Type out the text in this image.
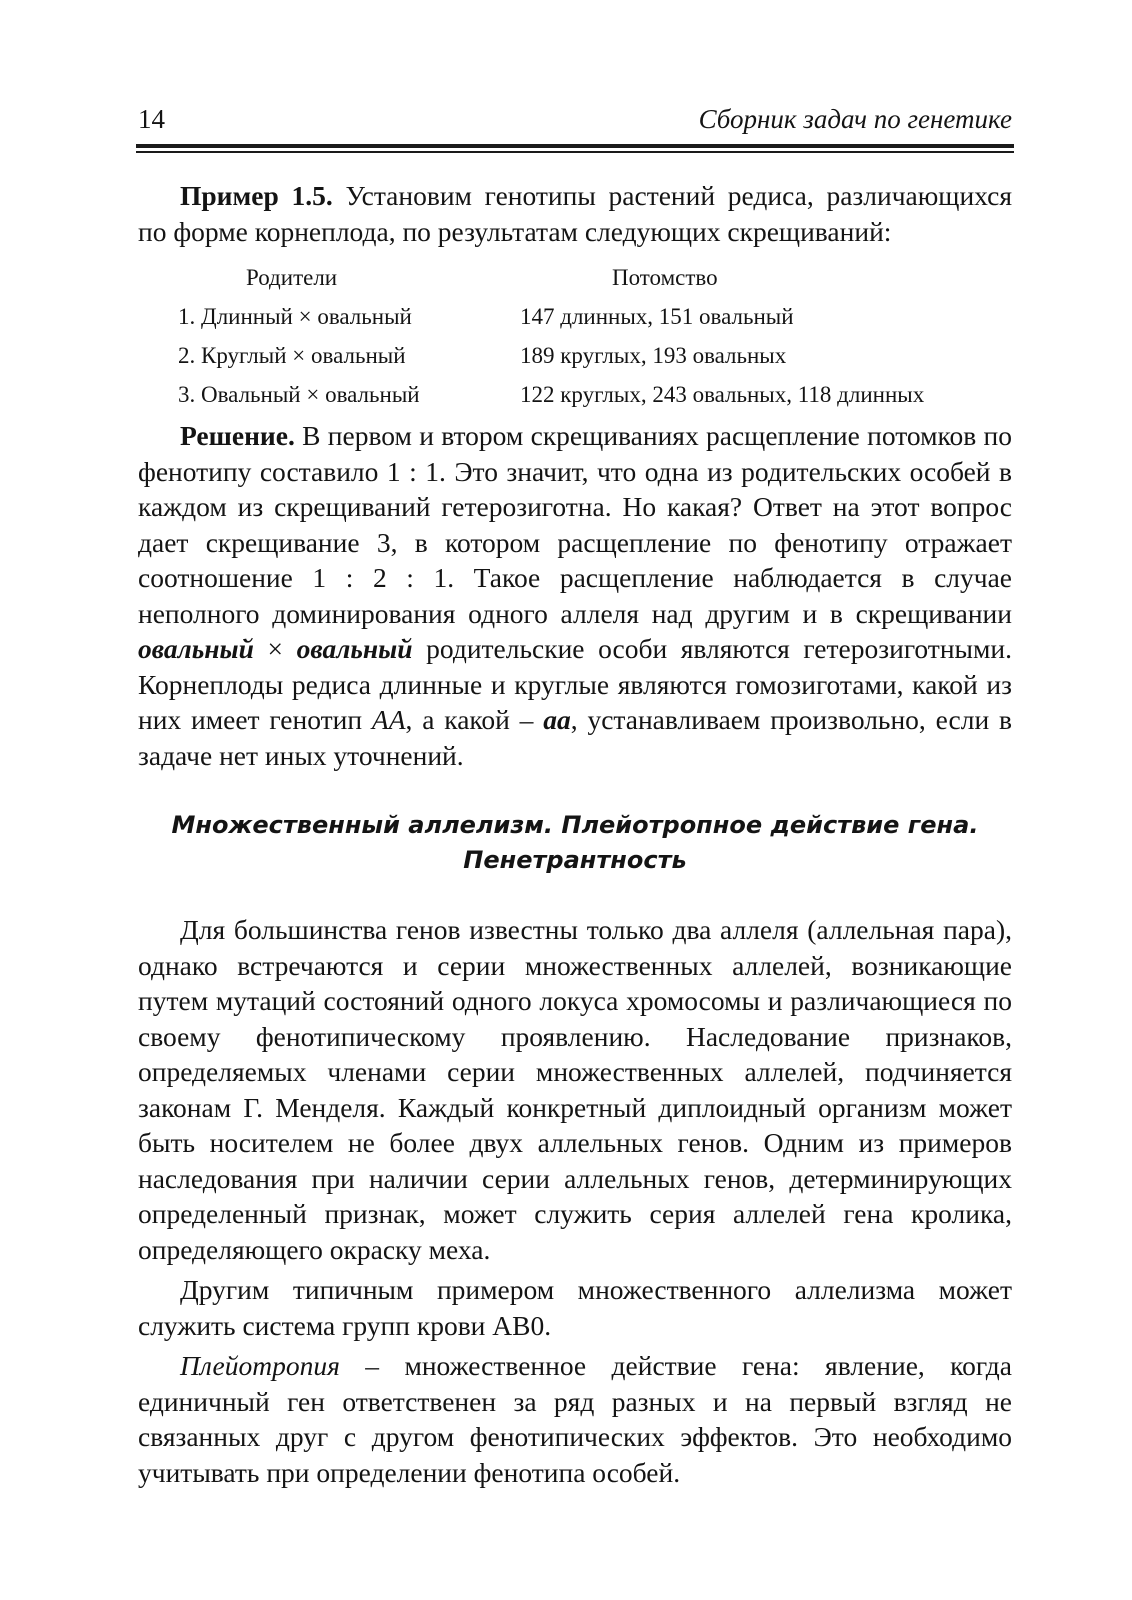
14	Сборник задач по генетике

Пример 1.5. Установим генотипы растений редиса, различающихся по форме корнеплода, по результатам следующих скрещиваний:

Родители	Потомство
1. Длинный × овальный	147 длинных, 151 овальный
2. Круглый × овальный	189 круглых, 193 овальных
3. Овальный × овальный	122 круглых, 243 овальных, 118 длинных

Решение. В первом и втором скрещиваниях расщепление потомков по фенотипу составило 1 : 1. Это значит, что одна из родительских особей в каждом из скрещиваний гетерозиготна. Но какая? Ответ на этот вопрос дает скрещивание 3, в котором расщепление по фенотипу отражает соотношение 1 : 2 : 1. Такое расщепление наблюдается в случае неполного доминирования одного аллеля над другим и в скрещивании овальный × овальный родительские особи являются гетерозиготными. Корнеплоды редиса длинные и круглые являются гомозиготами, какой из них имеет генотип АА, а какой – аа, устанавливаем произвольно, если в задаче нет иных уточнений.

Множественный аллелизм. Плейотропное действие гена.
Пенетрантность

Для большинства генов известны только два аллеля (аллельная пара), однако встречаются и серии множественных аллелей, возникающие путем мутаций состояний одного локуса хромосомы и различающиеся по своему фенотипическому проявлению. Наследование признаков, определяемых членами серии множественных аллелей, подчиняется законам Г. Менделя. Каждый конкретный диплоидный организм может быть носителем не более двух аллельных генов. Одним из примеров наследования при наличии серии аллельных генов, детерминирующих определенный признак, может служить серия аллелей гена кролика, определяющего окраску меха.

Другим типичным примером множественного аллелизма может служить система групп крови АВ0.

Плейотропия – множественное действие гена: явление, когда единичный ген ответственен за ряд разных и на первый взгляд не связанных друг с другом фенотипических эффектов. Это необходимо учитывать при определении фенотипа особей.
